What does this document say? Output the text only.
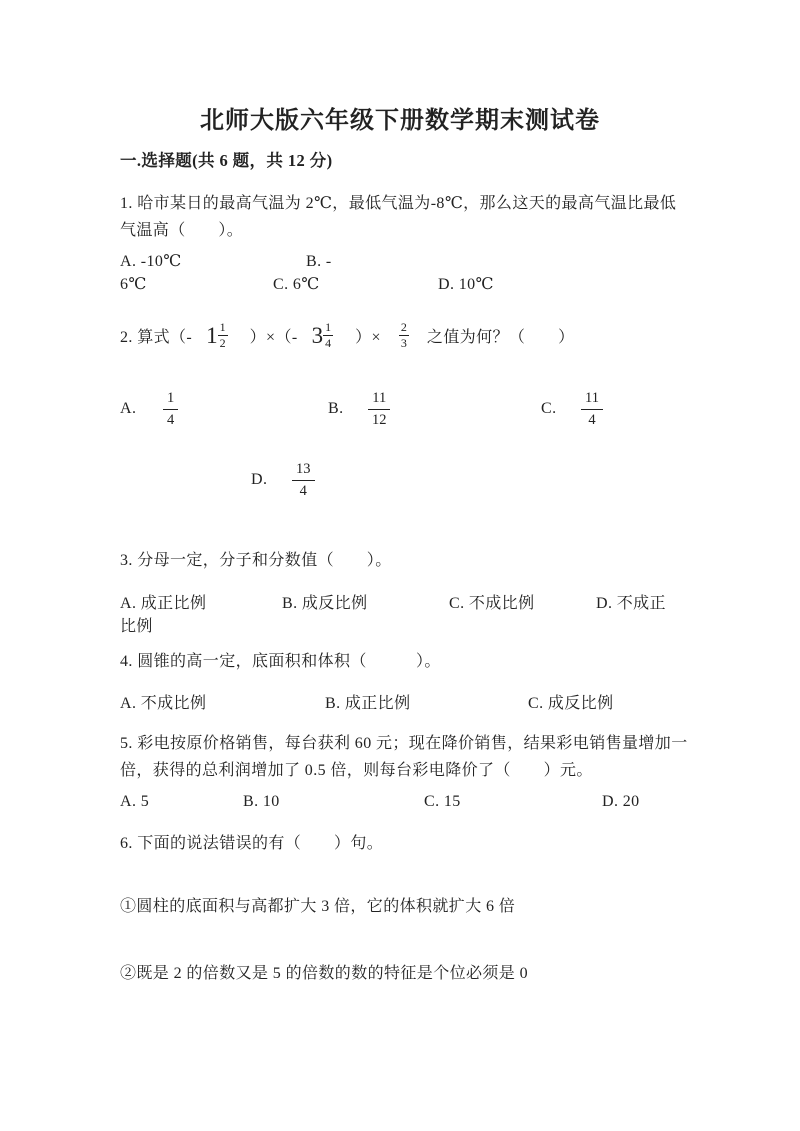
北师大版六年级下册数学期末测试卷
一.选择题(共 6 题，共 12 分)
1. 哈市某日的最高气温为 2℃，最低气温为-8℃，那么这天的最高气温比最低
气温高（　　）。
A. -10℃	B. -
6℃	C. 6℃	D. 10℃
2. 算式（- $1 \frac{1}{2}$ ）×（- $3 \frac{1}{4}$ ）× $\frac{2}{3}$ 之值为何？（　　）
A. $\frac{1}{4}$	B. $\frac{11}{12}$	C. $\frac{11}{4}$
D. $\frac{13}{4}$
3. 分母一定，分子和分数值（　　）。
A. 成正比例	B. 成反比例	C. 不成比例	D. 不成正
比例
4. 圆锥的高一定，底面积和体积（　　　）。
A. 不成比例	B. 成正比例	C. 成反比例
5. 彩电按原价格销售，每台获利 60 元；现在降价销售，结果彩电销售量增加一
倍，获得的总利润增加了 0.5 倍，则每台彩电降价了（　　）元。
A. 5	B. 10	C. 15	D. 20
6. 下面的说法错误的有（　　）句。
①圆柱的底面积与高都扩大 3 倍，它的体积就扩大 6 倍
②既是 2 的倍数又是 5 的倍数的数的特征是个位必须是 0
